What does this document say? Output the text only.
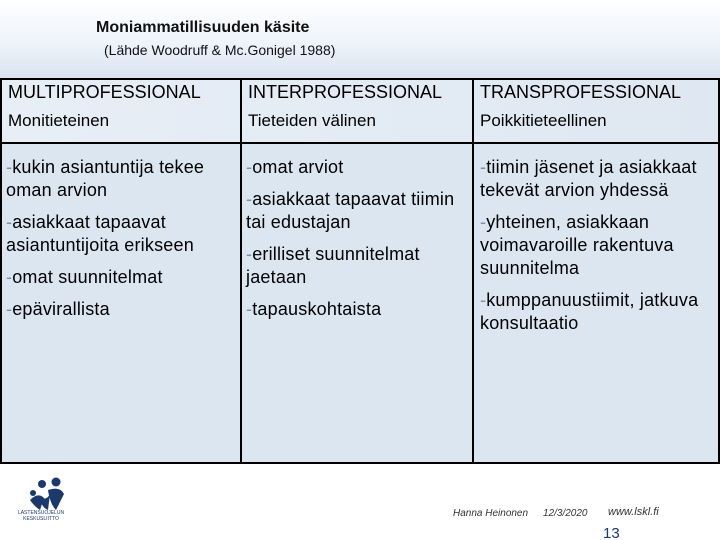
Moniammatillisuuden käsite
(Lähde Woodruff & Mc.Gonigel 1988)
MULTIPROFESSIONAL
Monitieteinen
INTERPROFESSIONAL
Tieteiden välinen
TRANSPROFESSIONAL
Poikkitieteellinen
-kukin asiantuntija tekee oman arvion
-asiakkaat tapaavat asiantuntijoita erikseen
-omat suunnitelmat
-epävirallista
-omat arviot
-asiakkaat tapaavat tiimin tai edustajan
-erilliset suunnitelmat jaetaan
-tapauskohtaista
-tiimin jäsenet ja asiakkaat tekevät arvion yhdessä
-yhteinen, asiakkaan voimavaroille rakentuva suunnitelma
-kumppanuustiimit, jatkuva konsultaatio
LASTENSUOJELUN KESKUSLIITTO	Hanna Heinonen 12/3/2020 www.lskl.fi
13
